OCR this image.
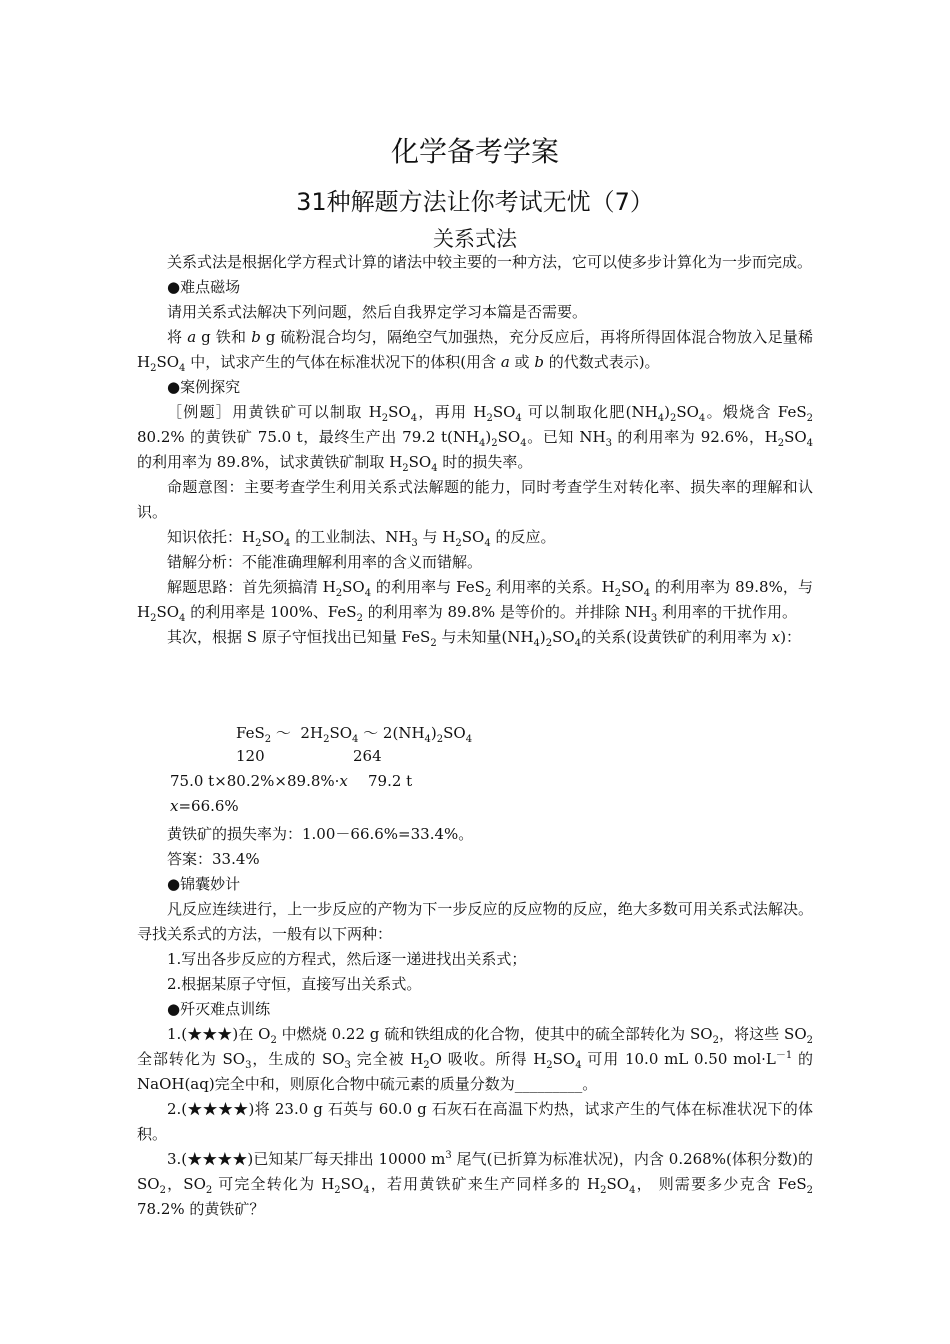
化学备考学案
31种解题方法让你考试无忧（7）
关系式法

关系式法是根据化学方程式计算的诸法中较主要的一种方法，它可以使多步计算化为一步而完成。

●难点磁场

请用关系式法解决下列问题，然后自我界定学习本篇是否需要。

将 a g 铁和 b g 硫粉混合均匀，隔绝空气加强热，充分反应后，再将所得固体混合物放入足量稀 $H_2SO_4$ 中，试求产生的气体在标准状况下的体积(用含 a 或 b 的代数式表示)。

●案例探究

［例题］用黄铁矿可以制取 $H_2SO_4$，再用 $H_2SO_4$ 可以制取化肥$(NH_4)_2SO_4$。煅烧含 FeS$_2$ 80.2% 的黄铁矿 75.0 t，最终生产出 79.2 $t(NH_4)_2SO_4$。已知 $NH_3$ 的利用率为 92.6%，$H_2SO_4$ 的利用率为 89.8%，试求黄铁矿制取 $H_2SO_4$ 时的损失率。

命题意图：主要考查学生利用关系式法解题的能力，同时考查学生对转化率、损失率的理解和认识。

知识依托：$H_2SO_4$ 的工业制法、$NH_3$ 与 $H_2SO_4$ 的反应。

错解分析：不能准确理解利用率的含义而错解。

解题思路：首先须搞清 $H_2SO_4$ 的利用率与 FeS$_2$ 利用率的关系。$H_2SO_4$ 的利用率为 89.8%，与 $H_2SO_4$ 的利用率是 100%、FeS$_2$ 的利用率为 89.8% 是等价的。并排除 $NH_3$ 利用率的干扰作用。

其次，根据 S 原子守恒找出已知量 FeS$_2$ 与未知量$(NH_4)_2SO_4$的关系(设黄铁矿的利用率为 x)：

FeS$_2$ ～  $2H_2SO_4$ ～ $2(NH_4)_2SO_4$
120	264
75.0 t×80.2%×89.8%·x 79.2 t
x=66.6%

黄铁矿的损失率为：1.00－66.6%=33.4%。

答案：33.4%

●锦囊妙计

凡反应连续进行，上一步反应的产物为下一步反应的反应物的反应，绝大多数可用关系式法解决。寻找关系式的方法，一般有以下两种：

1.写出各步反应的方程式，然后逐一递进找出关系式；

2.根据某原子守恒，直接写出关系式。

●歼灭难点训练

1.(★★★)在 $O_2$ 中燃烧 0.22 g 硫和铁组成的化合物，使其中的硫全部转化为 $SO_2$，将这些 $SO_2$ 全部转化为 $SO_3$，生成的 $SO_3$ 完全被 $H_2O$ 吸收。所得 $H_2SO_4$ 可用 10.0 mL 0.50 $mol\cdot L^{-1}$ 的 NaOH(aq)完全中和，则原化合物中硫元素的质量分数为_________。

2.(★★★★)将 23.0 g 石英与 60.0 g 石灰石在高温下灼热，试求产生的气体在标准状况下的体积。

3.(★★★★)已知某厂每天排出 10000 $m^3$ 尾气(已折算为标准状况)，内含 0.268%(体积分数)的 $SO_2$，$SO_2$ 可完全转化为 $H_2SO_4$，若用黄铁矿来生产同样多的 $H_2SO_4$， 则需要多少克含 FeS$_2$ 78.2% 的黄铁矿？
